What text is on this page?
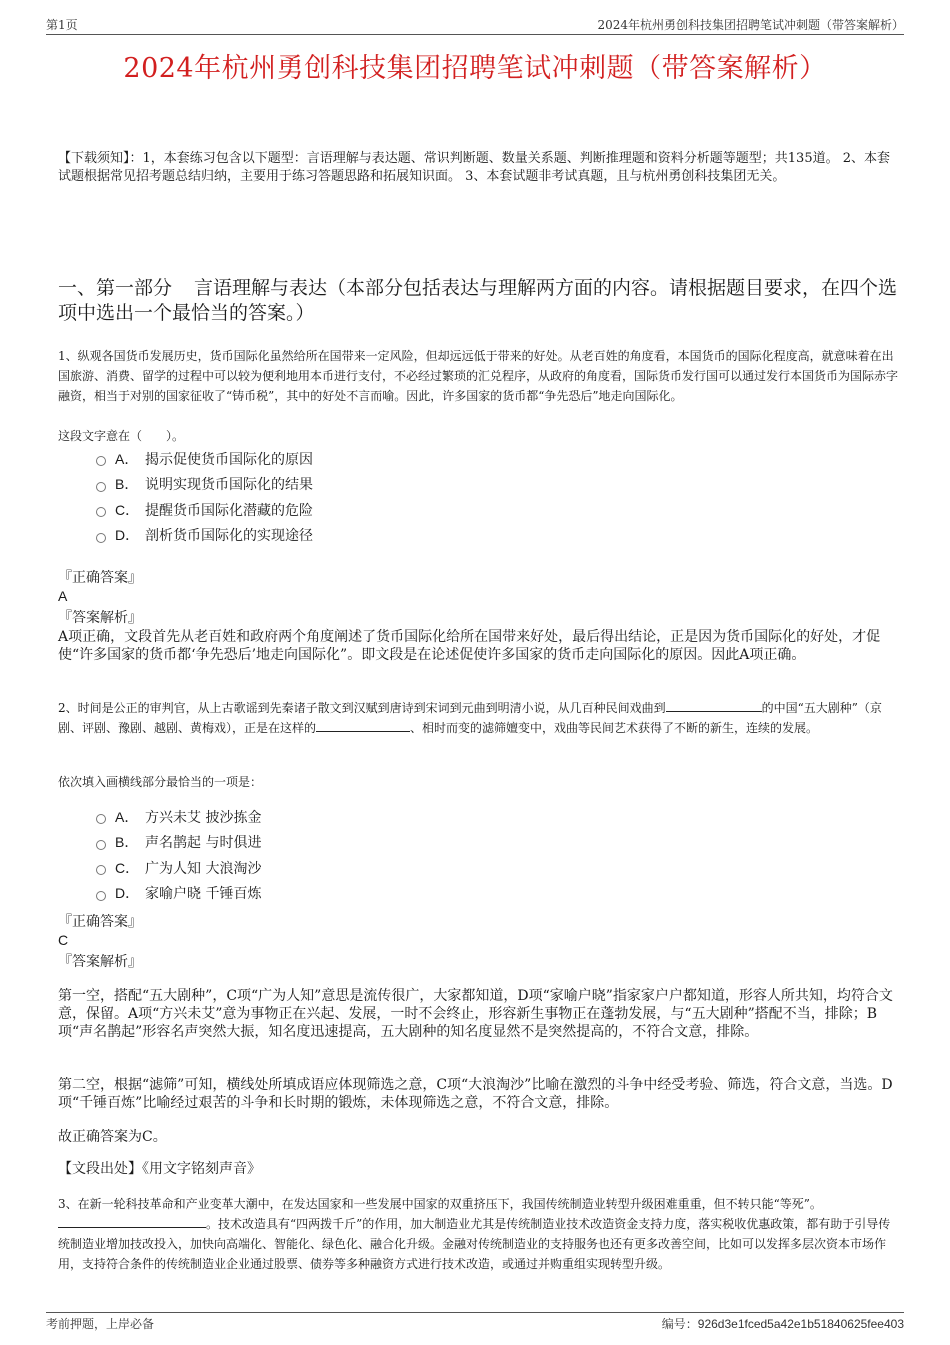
第1页	2024年杭州勇创科技集团招聘笔试冲刺题（带答案解析）
2024年杭州勇创科技集团招聘笔试冲刺题（带答案解析）
【下载须知】：1，本套练习包含以下题型：言语理解与表达题、常识判断题、数量关系题、判断推理题和资料分析题等题型；共135道。 2、本套试题根据常见招考题总结归纳，主要用于练习答题思路和拓展知识面。 3、本套试题非考试真题，且与杭州勇创科技集团无关。
一、第一部分 言语理解与表达（本部分包括表达与理解两方面的内容。请根据题目要求，在四个选项中选出一个最恰当的答案。）
1、纵观各国货币发展历史，货币国际化虽然给所在国带来一定风险，但却远远低于带来的好处。从老百姓的角度看，本国货币的国际化程度高，就意味着在出国旅游、消费、留学的过程中可以较为便利地用本币进行支付，不必经过繁琐的汇兑程序，从政府的角度看，国际货币发行国可以通过发行本国货币为国际赤字融资，相当于对别的国家征收了“铸币税”，其中的好处不言而喻。因此，许多国家的货币都“争先恐后”地走向国际化。
这段文字意在（　　）。
A． 揭示促使货币国际化的原因
B． 说明实现货币国际化的结果
C． 提醒货币国际化潜藏的危险
D． 剖析货币国际化的实现途径
『正确答案』
A
『答案解析』
A项正确，文段首先从老百姓和政府两个角度阐述了货币国际化给所在国带来好处，最后得出结论，正是因为货币国际化的好处，才促使“许多国家的货币都‘争先恐后’地走向国际化”。即文段是在论述促使许多国家的货币走向国际化的原因。因此A项正确。
2、时间是公正的审判官，从上古歌谣到先秦诸子散文到汉赋到唐诗到宋词到元曲到明清小说，从几百种民间戏曲到	的中国“五大剧种”（京剧、评剧、豫剧、越剧、黄梅戏），正是在这样的	、相时而变的滤筛嬗变中，戏曲等民间艺术获得了不断的新生，连续的发展。
依次填入画横线部分最恰当的一项是：
A． 方兴未艾 披沙拣金
B． 声名鹊起 与时俱进
C． 广为人知 大浪淘沙
D． 家喻户晓 千锤百炼
『正确答案』
C
『答案解析』
第一空，搭配“五大剧种”，C项“广为人知”意思是流传很广，大家都知道，D项“家喻户晓”指家家户户都知道，形容人所共知，均符合文意，保留。A项“方兴未艾”意为事物正在兴起、发展，一时不会终止，形容新生事物正在蓬勃发展，与“五大剧种”搭配不当，排除；B项“声名鹊起”形容名声突然大振，知名度迅速提高，五大剧种的知名度显然不是突然提高的，不符合文意，排除。
第二空，根据“滤筛”可知，横线处所填成语应体现筛选之意，C项“大浪淘沙”比喻在激烈的斗争中经受考验、筛选，符合文意，当选。D项“千锤百炼”比喻经过艰苦的斗争和长时期的锻炼，未体现筛选之意，不符合文意，排除。
故正确答案为C。
【文段出处】《用文字铭刻声音》
3、在新一轮科技革命和产业变革大潮中，在发达国家和一些发展中国家的双重挤压下，我国传统制造业转型升级困难重重，但不转只能“等死”。。技术改造具有“四两拨千斤”的作用，加大制造业尤其是传统制造业技术改造资金支持力度，落实税收优惠政策，都有助于引导传统制造业增加技改投入，加快向高端化、智能化、绿色化、融合化升级。金融对传统制造业的支持服务也还有更多改善空间，比如可以发挥多层次资本市场作用，支持符合条件的传统制造业企业通过股票、债券等多种融资方式进行技术改造，或通过并购重组实现转型升级。
考前押题，上岸必备	编号：926d3e1fced5a42e1b51840625fee403
